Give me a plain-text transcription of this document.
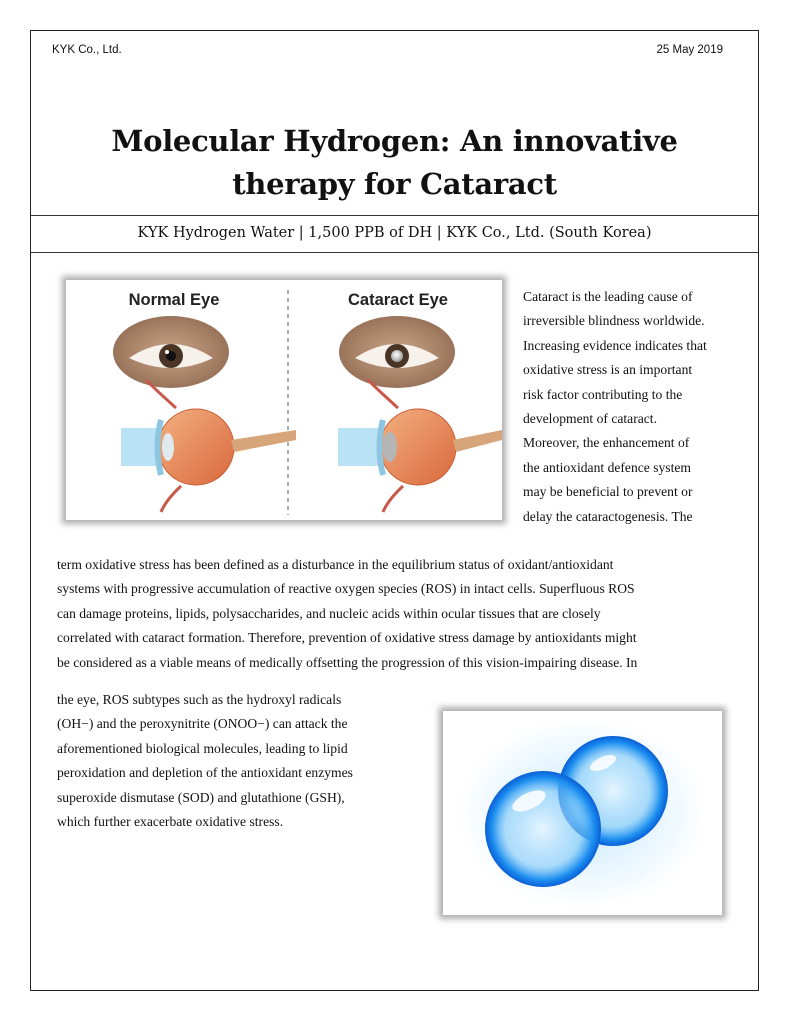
KYK Co., Ltd.	25 May 2019
Molecular Hydrogen: An innovative
therapy for Cataract
KYK Hydrogen Water | 1,500 PPB of DH | KYK Co., Ltd. (South Korea)
Normal Eye	Cataract Eye	Cataract is the leading cause of
irreversible blindness worldwide.
Increasing evidence indicates that
oxidative stress is an important
risk factor contributing to the
development of cataract.
Moreover, the enhancement of
the antioxidant defence system
may be beneficial to prevent or
delay the cataractogenesis. The
term oxidative stress has been defined as a disturbance in the equilibrium status of oxidant/antioxidant
systems with progressive accumulation of reactive oxygen species (ROS) in intact cells. Superfluous ROS
can damage proteins, lipids, polysaccharides, and nucleic acids within ocular tissues that are closely
correlated with cataract formation. Therefore, prevention of oxidative stress damage by antioxidants might
be considered as a viable means of medically offsetting the progression of this vision-impairing disease. In
the eye, ROS subtypes such as the hydroxyl radicals
(OH−) and the peroxynitrite (ONOO−) can attack the
aforementioned biological molecules, leading to lipid
peroxidation and depletion of the antioxidant enzymes
superoxide dismutase (SOD) and glutathione (GSH),
which further exacerbate oxidative stress.
